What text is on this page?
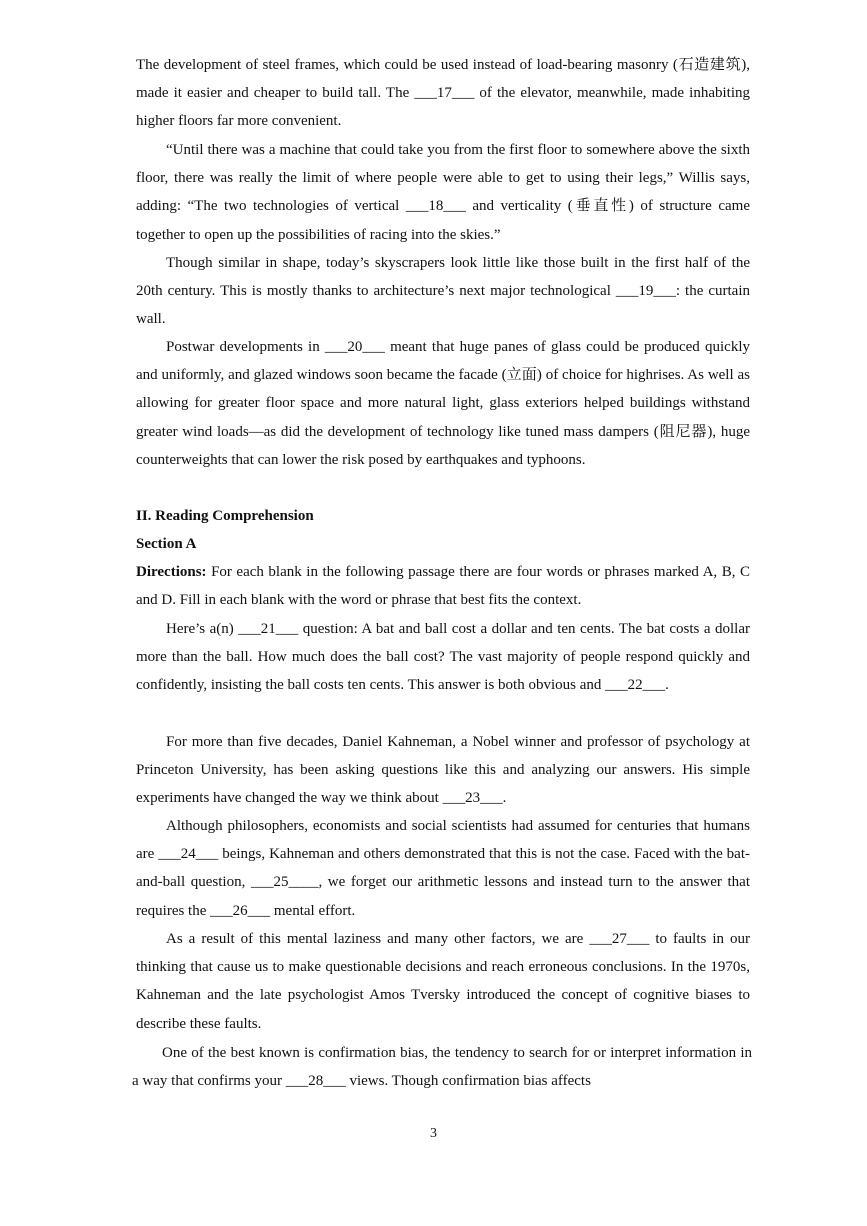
The development of steel frames, which could be used instead of load-bearing masonry (石造建筑), made it easier and cheaper to build tall. The ___17___ of the elevator, meanwhile, made inhabiting higher floors far more convenient.

“Until there was a machine that could take you from the first floor to somewhere above the sixth floor, there was really the limit of where people were able to get to using their legs,” Willis says, adding: “The two technologies of vertical ___18___ and verticality (垂直性) of structure came together to open up the possibilities of racing into the skies.”

Though similar in shape, today’s skyscrapers look little like those built in the first half of the 20th century. This is mostly thanks to architecture’s next major technological ___19___: the curtain wall.

Postwar developments in ___20___ meant that huge panes of glass could be produced quickly and uniformly, and glazed windows soon became the facade (立面) of choice for highrises. As well as allowing for greater floor space and more natural light, glass exteriors helped buildings withstand greater wind loads—as did the development of technology like tuned mass dampers (阻尼器), huge counterweights that can lower the risk posed by earthquakes and typhoons.

II. Reading Comprehension
Section A

Directions: For each blank in the following passage there are four words or phrases marked A, B, C and D. Fill in each blank with the word or phrase that best fits the context.

Here’s a(n) ___21___ question: A bat and ball cost a dollar and ten cents. The bat costs a dollar more than the ball. How much does the ball cost? The vast majority of people respond quickly and confidently, insisting the ball costs ten cents. This answer is both obvious and ___22___.

For more than five decades, Daniel Kahneman, a Nobel winner and professor of psychology at Princeton University, has been asking questions like this and analyzing our answers. His simple experiments have changed the way we think about ___23___.

Although philosophers, economists and social scientists had assumed for centuries that humans are ___24___ beings, Kahneman and others demonstrated that this is not the case. Faced with the bat-and-ball question, ___25____, we forget our arithmetic lessons and instead turn to the answer that requires the ___26___ mental effort.

As a result of this mental laziness and many other factors, we are ___27___ to faults in our thinking that cause us to make questionable decisions and reach erroneous conclusions. In the 1970s, Kahneman and the late psychologist Amos Tversky introduced the concept of cognitive biases to describe these faults.

One of the best known is confirmation bias, the tendency to search for or interpret information in a way that confirms your ___28___ views. Though confirmation bias affects

3
